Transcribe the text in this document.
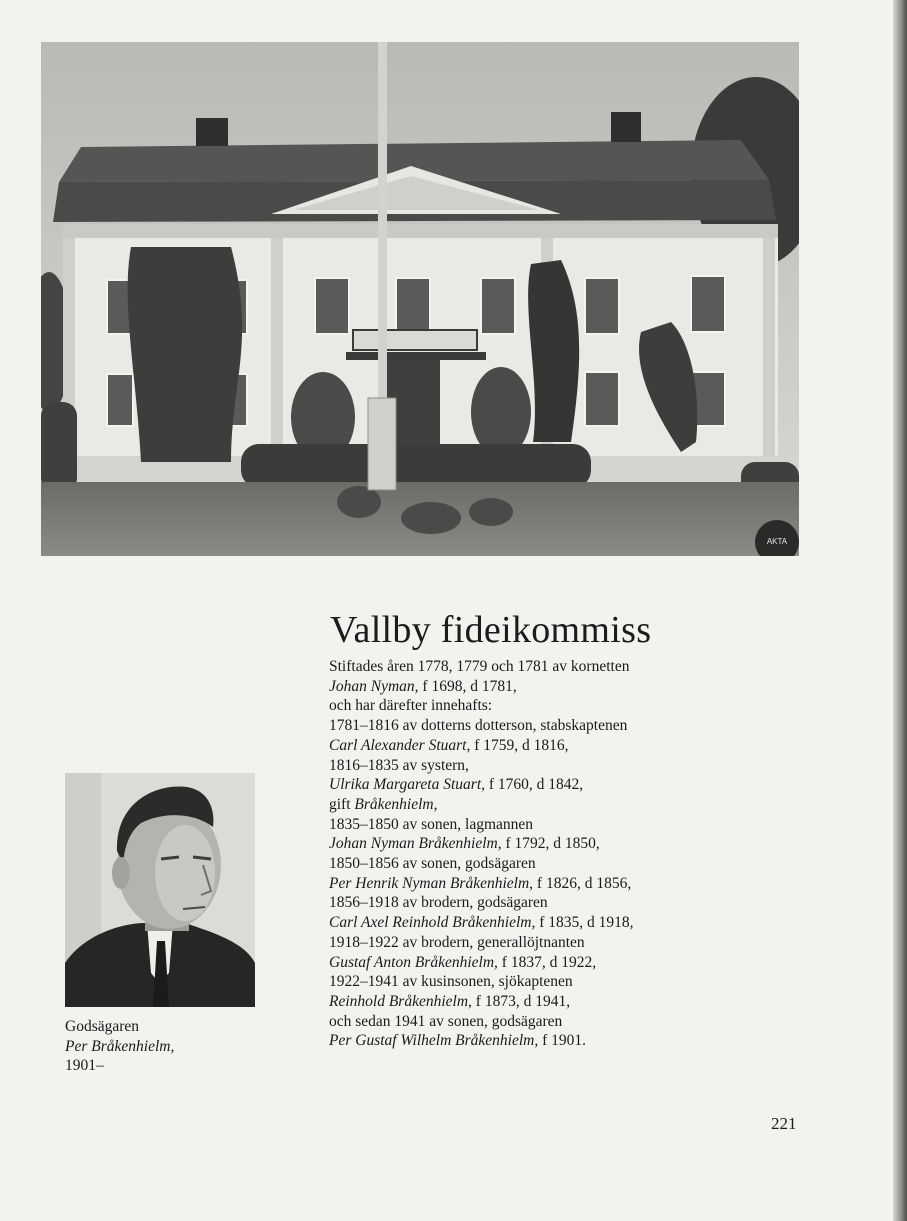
AKTA
Vallby fideikommiss
Stiftades åren 1778, 1779 och 1781 av kornetten
Johan Nyman, f 1698, d 1781,
och har därefter innehafts:
1781–1816 av dotterns dotterson, stabskaptenen
Carl Alexander Stuart, f 1759, d 1816,
1816–1835 av systern,
Ulrika Margareta Stuart, f 1760, d 1842,
gift Bråkenhielm,
1835–1850 av sonen, lagmannen
Johan Nyman Bråkenhielm, f 1792, d 1850,
1850–1856 av sonen, godsägaren
Per Henrik Nyman Bråkenhielm, f 1826, d 1856,
1856–1918 av brodern, godsägaren
Carl Axel Reinhold Bråkenhielm, f 1835, d 1918,
1918–1922 av brodern, generallöjtnanten
Gustaf Anton Bråkenhielm, f 1837, d 1922,
1922–1941 av kusinsonen, sjökaptenen
Reinhold Bråkenhielm, f 1873, d 1941,
och sedan 1941 av sonen, godsägaren
Per Gustaf Wilhelm Bråkenhielm, f 1901.
Godsägaren
Per Bråkenhielm,
1901–
221
